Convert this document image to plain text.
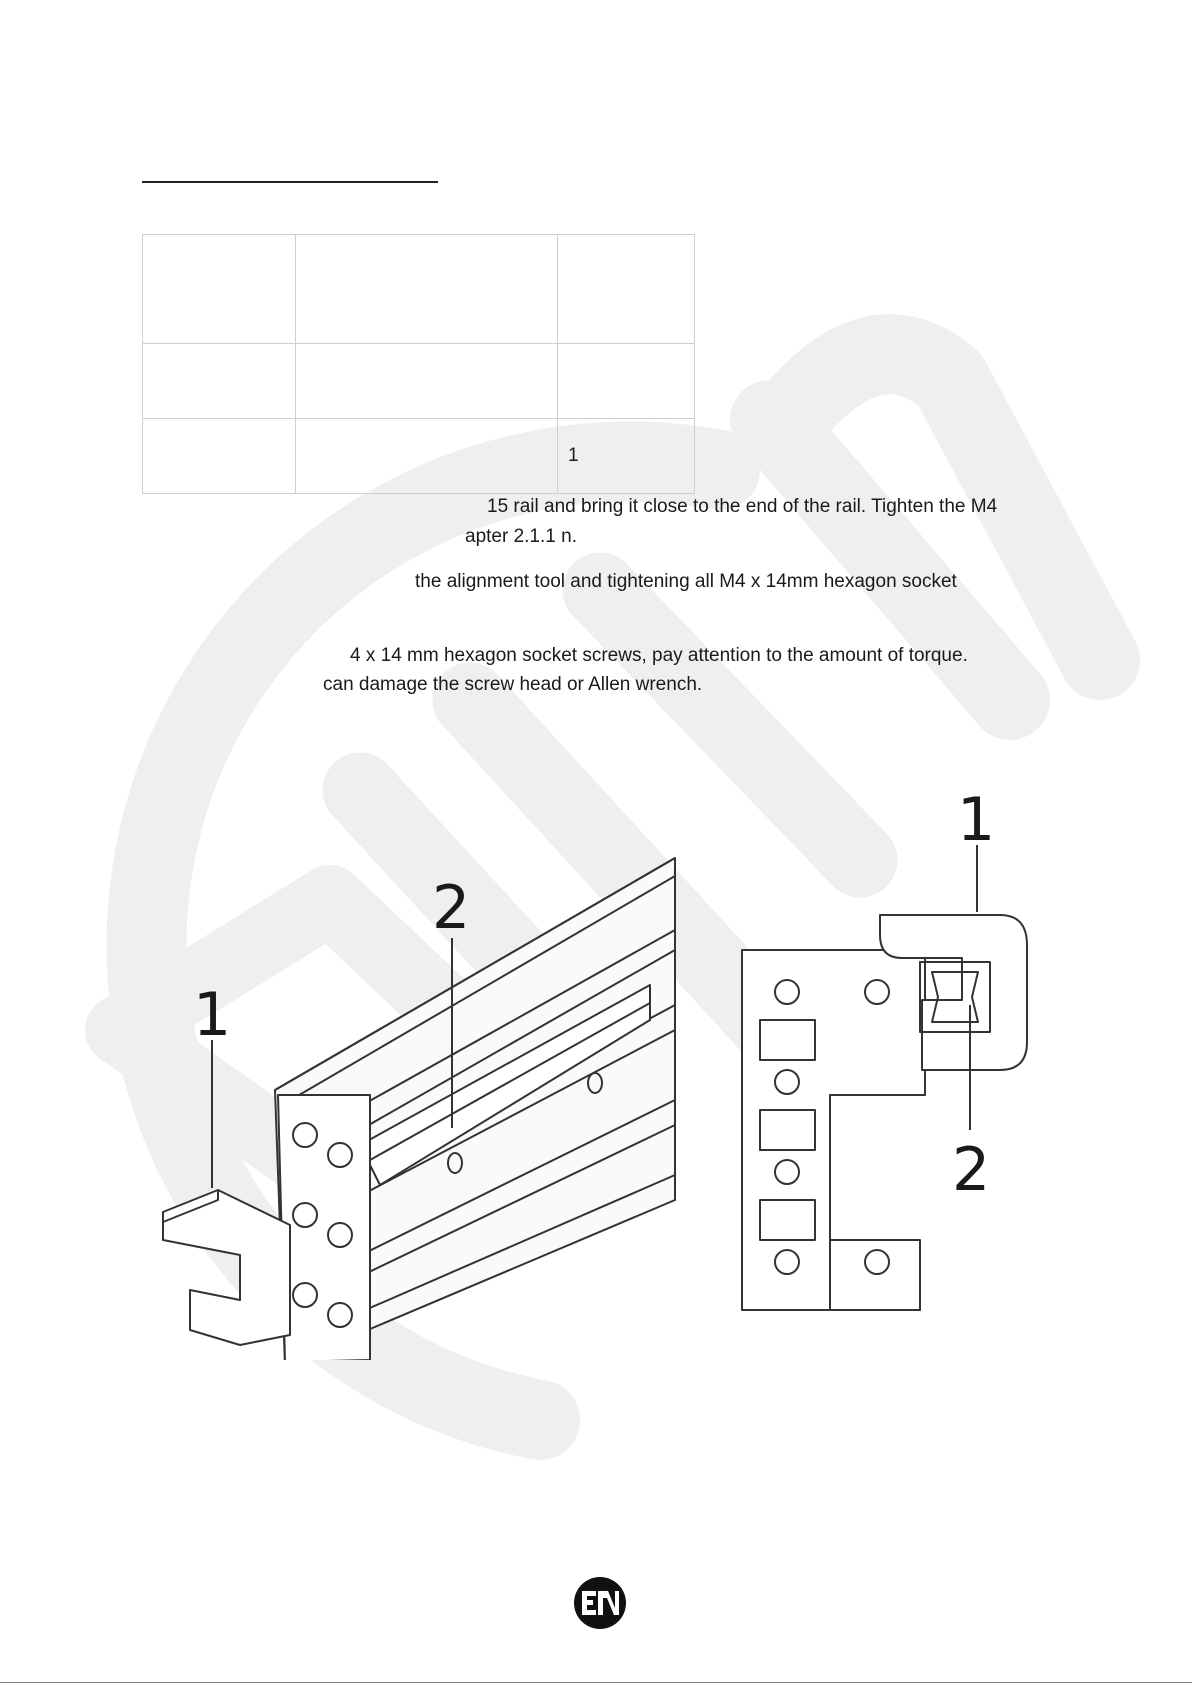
		1
15 rail and bring it close to the end of the rail. Tighten the M4
apter 2.1.1 n.
the alignment tool and tightening all M4 x 14mm hexagon socket
4 x 14 mm hexagon socket screws, pay attention to the amount of torque.
can damage the screw head or Allen wrench.
2
1
1
2
